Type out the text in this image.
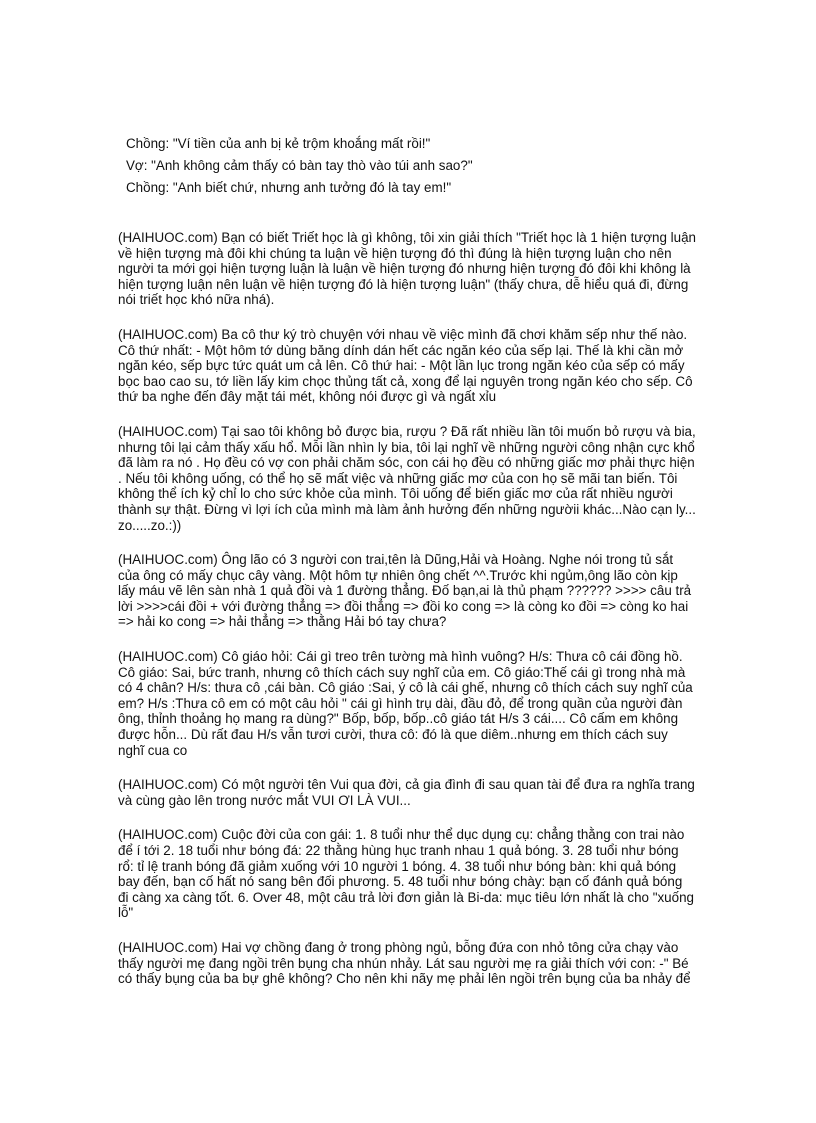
Chồng: "Ví tiền của anh bị kẻ trộm khoắng mất rồi!"

Vợ: "Anh không cảm thấy có bàn tay thò vào túi anh sao?"

Chồng: "Anh biết chứ, nhưng anh tưởng đó là tay em!"

(HAIHUOC.com) Bạn có biết Triết học là gì không, tôi xin giải thích "Triết học là 1 hiện tượng luận về hiện tượng mà đôi khi chúng ta luận về hiện tượng đó thì đúng là hiện tượng luận cho nên người ta mới gọi hiện tượng luận là luận về hiện tượng đó nhưng hiện tượng đó đôi khi không là hiện tượng luận nên luận về hiện tượng đó là hiện tượng luận" (thấy chưa, dễ hiểu quá đi, đừng nói triết học khó nữa nhá).

(HAIHUOC.com) Ba cô thư ký trò chuyện với nhau về việc mình đã chơi khăm sếp như thế nào. Cô thứ nhất: - Một hôm tớ dùng băng dính dán hết các ngăn kéo của sếp lại. Thế là khi cần mở ngăn kéo, sếp bực tức quát um cả lên. Cô thứ hai: - Một lần lục trong ngăn kéo của sếp có mấy bọc bao cao su, tớ liền lấy kim chọc thủng tất cả, xong để lại nguyên trong ngăn kéo cho sếp. Cô thứ ba nghe đến đây mặt tái mét, không nói được gì và ngất xỉu

(HAIHUOC.com) Tại sao tôi không bỏ được bia, rượu ? Đã rất nhiều lần tôi muốn bỏ rượu và bia, nhưng tôi lại cảm thấy xấu hổ. Mỗi lần nhìn ly bia, tôi lại nghĩ về những người công nhận cực khổ đã làm ra nó . Họ đều có vợ con phải chăm sóc, con cái họ đều có những giấc mơ phải thực hiện . Nếu tôi không uống, có thể họ sẽ mất việc và những giấc mơ của con họ sẽ mãi tan biến. Tôi không thể ích kỷ chỉ lo cho sức khỏe của mình. Tôi uống để biến giấc mơ của rất nhiều người thành sự thật. Đừng vì lợi ích của mình mà làm ảnh hưởng đến những ngườii khác...Nào cạn ly... zo.....zo.:))

(HAIHUOC.com) Ông lão có 3 người con trai,tên là Dũng,Hải và Hoàng. Nghe nói trong tủ sắt của ông có mấy chục cây vàng. Một hôm tự nhiên ông chết ^^.Trước khi ngủm,ông lão còn kịp lấy máu vẽ lên sàn nhà 1 quả đồi và 1 đường thẳng. Đố bạn,ai là thủ phạm ?????? >>>> câu trả lời >>>>cái đồi + với đường thẳng => đồi thẳng => đồi ko cong => là còng ko đồi => còng ko hai => hải ko cong => hải thẳng => thằng Hải bó tay chưa?

(HAIHUOC.com) Cô giáo hỏi: Cái gì treo trên tường mà hình vuông? H/s: Thưa cô cái đồng hồ. Cô giáo: Sai, bức tranh, nhưng cô thích cách suy nghĩ của em. Cô giáo:Thế cái gì trong nhà mà có 4 chân? H/s: thưa cô ,cái bàn. Cô giáo :Sai, ý cô là cái ghế, nhưng cô thích cách suy nghĩ của em? H/s :Thưa cô em có một câu hỏi " cái gì hình trụ dài, đầu đỏ, để trong quần của người đàn ông, thỉnh thoảng họ mang ra dùng?" Bốp, bốp, bốp..cô giáo tát H/s 3 cái.... Cô cấm em không được hỗn... Dù rất đau H/s vẫn tươi cười, thưa cô: đó là que diêm..nhưng em thích cách suy nghĩ cua co

(HAIHUOC.com) Có một người tên Vui qua đời, cả gia đình đi sau quan tài để đưa ra nghĩa trang và cùng gào lên trong nước mắt VUI ƠI LÀ VUI...

(HAIHUOC.com) Cuộc đời của con gái: 1. 8 tuổi như thể dục dụng cụ: chẳng thằng con trai nào để í tới 2. 18 tuổi như bóng đá: 22 thằng hùng hục tranh nhau 1 quả bóng. 3. 28 tuổi như bóng rổ: tỉ lệ tranh bóng đã giảm xuống với 10 người 1 bóng. 4. 38 tuổi như bóng bàn: khi quả bóng bay đến, bạn cố hất nó sang bên đối phương. 5. 48 tuổi như bóng chày: bạn cố đánh quả bóng đi càng xa càng tốt. 6. Over 48, một câu trả lời đơn giản là Bi-da: mục tiêu lớn nhất là cho "xuống lỗ"

(HAIHUOC.com) Hai vợ chồng đang ở trong phòng ngủ, bỗng đứa con nhỏ tông cửa chạy vào thấy người mẹ đang ngồi trên bụng cha nhún nhảy. Lát sau người mẹ ra giải thích với con: -" Bé có thấy bụng của ba bự ghê không? Cho nên khi nãy mẹ phải lên ngồi trên bụng của ba nhảy để
